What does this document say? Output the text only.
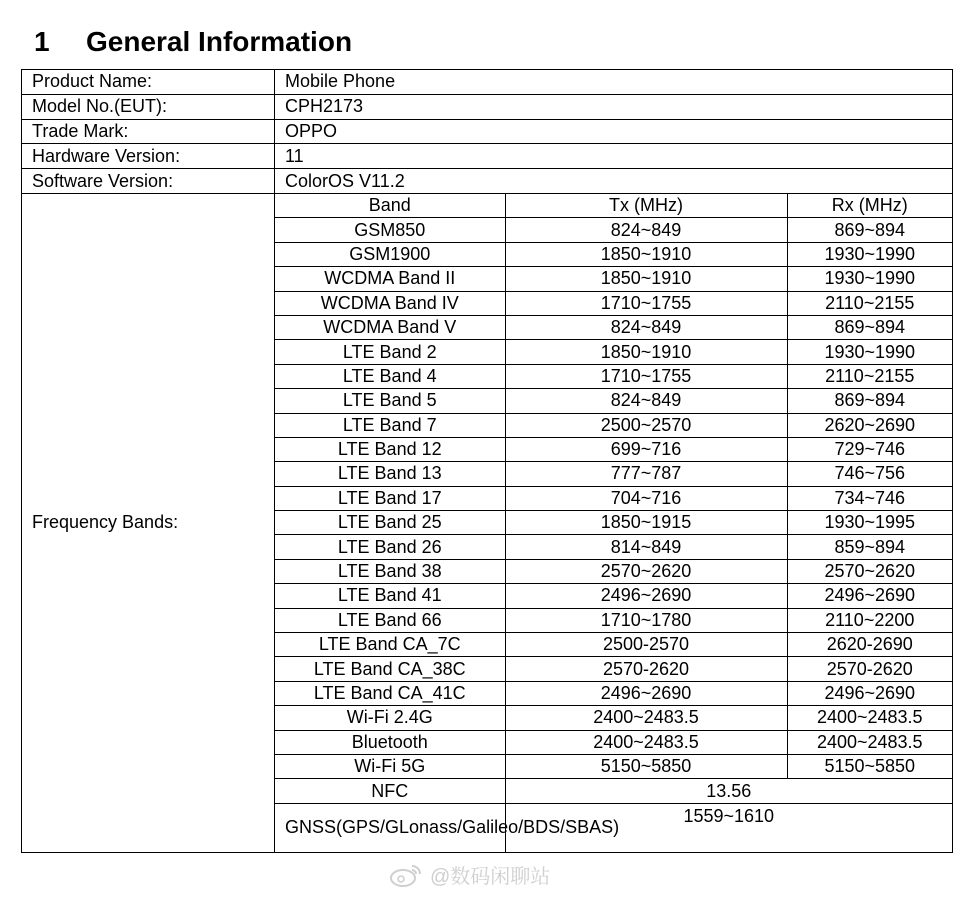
1 General Information
Product Name:	Mobile Phone
Model No.(EUT):	CPH2173
Trade Mark:	OPPO
Hardware Version:	11
Software Version:	ColorOS V11.2
Frequency Bands:	
Band	Tx (MHz)	Rx (MHz)
GSM850	824~849	869~894
GSM1900	1850~1910	1930~1990
WCDMA Band II	1850~1910	1930~1990
WCDMA Band IV	1710~1755	2110~2155
WCDMA Band V	824~849	869~894
LTE Band 2	1850~1910	1930~1990
LTE Band 4	1710~1755	2110~2155
LTE Band 5	824~849	869~894
LTE Band 7	2500~2570	2620~2690
LTE Band 12	699~716	729~746
LTE Band 13	777~787	746~756
LTE Band 17	704~716	734~746
LTE Band 25	1850~1915	1930~1995
LTE Band 26	814~849	859~894
LTE Band 38	2570~2620	2570~2620
LTE Band 41	2496~2690	2496~2690
LTE Band 66	1710~1780	2110~2200
LTE Band CA_7C	2500-2570	2620-2690
LTE Band CA_38C	2570-2620	2570-2620
LTE Band CA_41C	2496~2690	2496~2690
Wi-Fi 2.4G	2400~2483.5	2400~2483.5
Bluetooth	2400~2483.5	2400~2483.5
Wi-Fi 5G	5150~5850	5150~5850
NFC	13.56
GNSS(GPS/GLonass/Galileo/BDS/SBAS)	1559~1610
@数码闲聊站
